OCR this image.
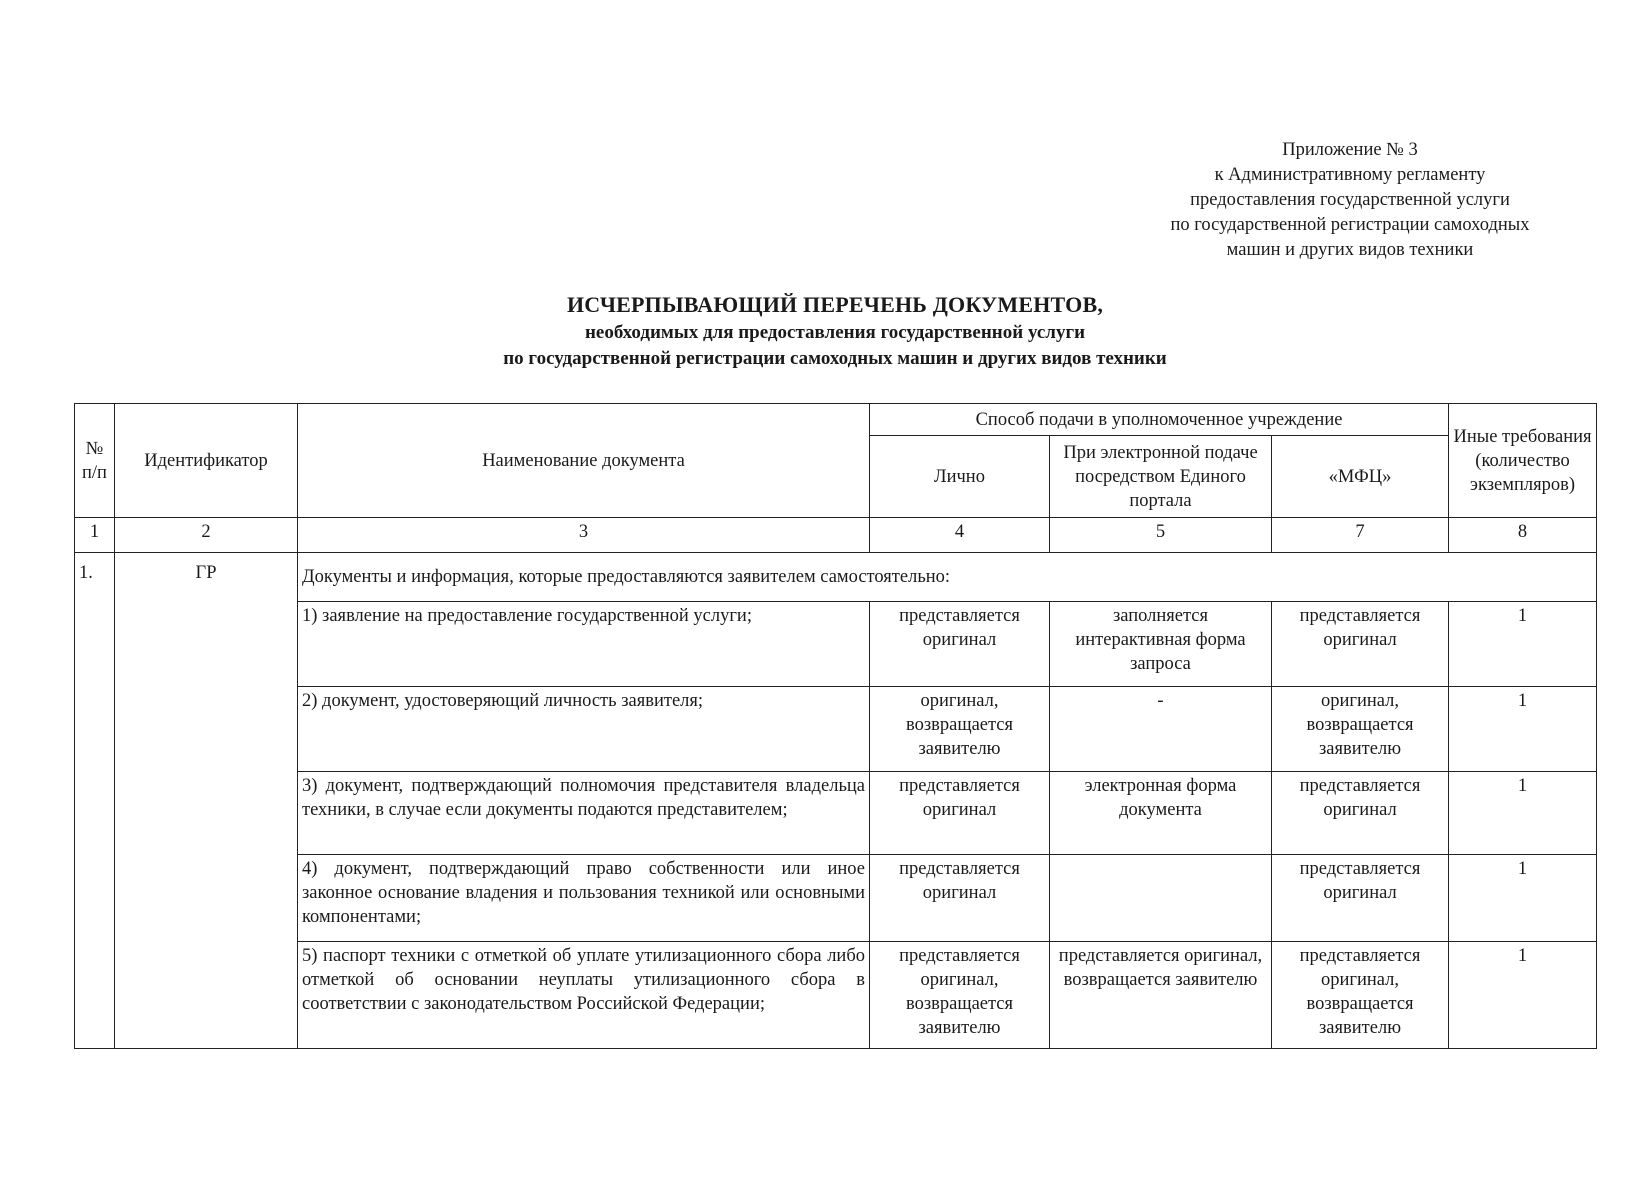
Приложение № 3
к Административному регламенту
предоставления государственной услуги
по государственной регистрации самоходных
машин и других видов техники
ИСЧЕРПЫВАЮЩИЙ ПЕРЕЧЕНЬ ДОКУМЕНТОВ,
необходимых для предоставления государственной услуги
по государственной регистрации самоходных машин и других видов техники
№ п/п	Идентификатор	Наименование документа	Способ подачи в уполномоченное учреждение			Иные требования (количество экземпляров)
			Лично	При электронной подаче посредством Единого портала	«МФЦ»	
1	2	3	4	5	7	8
1.	ГР	Документы и информация, которые предоставляются заявителем самостоятельно:				
		1) заявление на предоставление государственной услуги;	представляется оригинал	заполняется интерактивная форма запроса	представляется оригинал	1
		2) документ, удостоверяющий личность заявителя;	оригинал, возвращается заявителю	-	оригинал, возвращается заявителю	1
		3) документ, подтверждающий полномочия представителя владельца техники, в случае если документы подаются представителем;	представляется оригинал	электронная форма документа	представляется оригинал	1
		4) документ, подтверждающий право собственности или иное законное основание владения и пользования техникой или основными компонентами;	представляется оригинал		представляется оригинал	1
		5) паспорт техники с отметкой об уплате утилизационного сбора либо отметкой об основании неуплаты утилизационного сбора в соответствии с законодательством Российской Федерации;	представляется оригинал, возвращается заявителю	представляется оригинал, возвращается заявителю	представляется оригинал, возвращается заявителю	1
